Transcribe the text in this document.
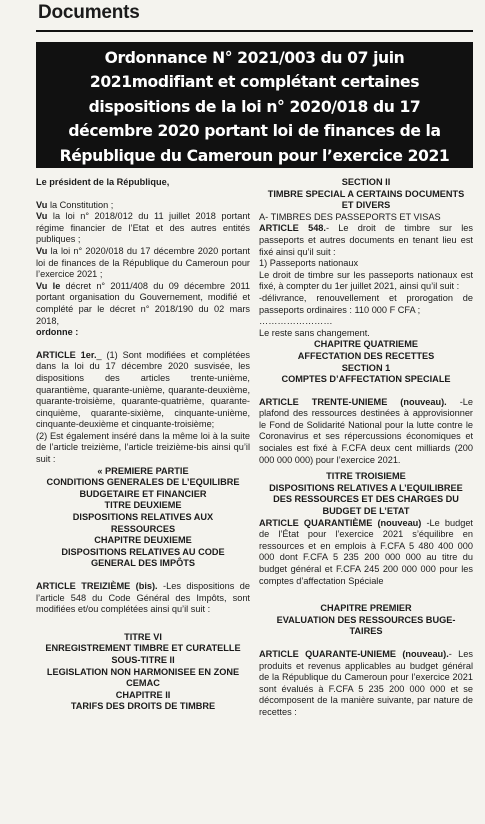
Documents
Ordonnance N° 2021/003 du 07 juin
2021modifiant et complétant certaines
dispositions de la loi n° 2020/018 du 17
décembre 2020 portant loi de finances de la
République du Cameroun pour l’exercice 2021

Le président de la République,

Vu la Constitution ;

Vu la loi n° 2018/012 du 11 juillet 2018 portant régime financier de l’Etat et des autres entités publiques ;

Vu la loi n° 2020/018 du 17 décembre 2020 portant loi de finances de la République du Cameroun pour l’exercice 2021 ;

Vu le décret n° 2011/408 du 09 décembre 2011 portant organisation du Gouvernement, modifié et complété par le décret n° 2018/190 du 02 mars 2018,

ordonne :

ARTICLE 1er._ (1) Sont modifiées et complétées dans la loi du 17 décembre 2020 susvisée, les dispositions des articles trente-unième, quarantième, quarante-unième, quarante-deuxième, quarante-troisième, quarante-quatrième, quarante-cinquième, quarante-sixième, cinquante-unième, cinquante-deuxième et cinquante-troisième;

(2) Est également inséré dans la même loi à la suite de l’article treizième, l’article treizième-bis ainsi qu’il suit :

« PREMIERE PARTIE

CONDITIONS GENERALES DE L’EQUILIBRE

BUDGETAIRE ET FINANCIER

TITRE DEUXIEME

DISPOSITIONS RELATIVES AUX

RESSOURCES

CHAPITRE DEUXIEME

DISPOSITIONS RELATIVES AU CODE

GENERAL DES IMPÔTS

ARTICLE TREIZIÈME (bis). -Les dispositions de l’article 548 du Code Général des Impôts, sont modifiées et/ou complétées ainsi qu’il suit :

TITRE VI

ENREGISTREMENT TIMBRE ET CURATELLE

SOUS-TITRE II

LEGISLATION NON HARMONISEE EN ZONE

CEMAC

CHAPITRE II

TARIFS DES DROITS DE TIMBRE

SECTION II

TIMBRE SPECIAL A CERTAINS DOCUMENTS

ET DIVERS

A- TIMBRES DES PASSEPORTS ET VISAS

ARTICLE 548.- Le droit de timbre sur les passeports et autres documents en tenant lieu est fixé ainsi qu’il suit :

1) Passeports nationaux

Le droit de timbre sur les passeports nationaux est fixé, à compter du 1er juillet 2021, ainsi qu’il suit :

-délivrance, renouvellement et prorogation de passeports ordinaires : 110 000 F CFA ;

……………………

Le reste sans changement.

CHAPITRE QUATRIEME

AFFECTATION DES RECETTES

SECTION 1

COMPTES D’AFFECTATION SPECIALE

ARTICLE TRENTE-UNIEME (nouveau). -Le plafond des ressources destinées à approvisionner le Fond de Solidarité National pour la lutte contre le Coronavirus et ses répercussions économiques et sociales est fixé à F.CFA deux cent milliards (200 000 000 000) pour l’exercice 2021.

TITRE TROISIEME

DISPOSITIONS RELATIVES A L’EQUILIBREE

DES RESSOURCES ET DES CHARGES DU

BUDGET DE L’ETAT

ARTICLE QUARANTIÈME (nouveau) -Le budget de l’État pour l’exercice 2021 s’équilibre en ressources et en emplois à F.CFA 5 480 400 000 000 dont F.CFA 5 235 200 000 000 au titre du budget général et F.CFA 245 200 000 000 pour les comptes d’affectation Spéciale

CHAPITRE PREMIER

EVALUATION DES RESSOURCES BUGE-

TAIRES

ARTICLE QUARANTE-UNIEME (nouveau).- Les produits et revenus applicables au budget général de la République du Cameroun pour l’exercice 2021 sont évalués à F.CFA 5 235 200 000 000 et se décomposent de la manière suivante, par nature de recettes :
